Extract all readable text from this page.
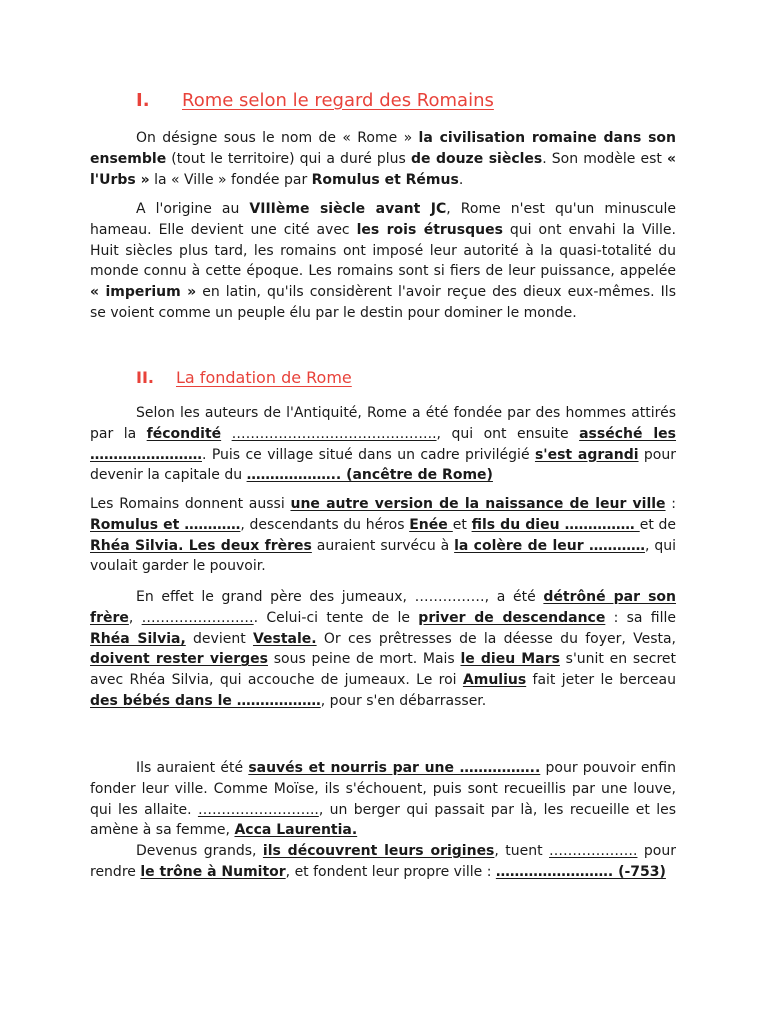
I. Rome selon le regard des Romains

On désigne sous le nom de « Rome » la civilisation romaine dans son ensemble (tout le territoire) qui a duré plus de douze siècles. Son modèle est « l'Urbs » la « Ville » fondée par Romulus et Rémus.

A l'origine au VIIIème siècle avant JC, Rome n'est qu'un minuscule hameau. Elle devient une cité avec les rois étrusques qui ont envahi la Ville. Huit siècles plus tard, les romains ont imposé leur autorité à la quasi-totalité du monde connu à cette époque. Les romains sont si fiers de leur puissance, appelée « imperium » en latin, qu'ils considèrent l'avoir reçue des dieux eux-mêmes. Ils se voient comme un peuple élu par le destin pour dominer le monde.

II. La fondation de Rome

Selon les auteurs de l'Antiquité, Rome a été fondée par des hommes attirés par la fécondité …………………………………….., qui ont ensuite asséché les ……………………. Puis ce village situé dans un cadre privilégié s'est agrandi pour devenir la capitale du ……………….. (ancêtre de Rome)

Les Romains donnent aussi une autre version de la naissance de leur ville : Romulus et …………, descendants du héros Enée et fils du dieu …………… et de Rhéa Silvia. Les deux frères auraient survécu à la colère de leur …………, qui voulait garder le pouvoir.

En effet le grand père des jumeaux, ……………, a été détrôné par son frère, ……………………. Celui-ci tente de le priver de descendance : sa fille Rhéa Silvia, devient Vestale. Or ces prêtresses de la déesse du foyer, Vesta, doivent rester vierges sous peine de mort. Mais le dieu Mars s'unit en secret avec Rhéa Silvia, qui accouche de jumeaux. Le roi Amulius fait jeter le berceau des bébés dans le ………………, pour s'en débarrasser.

Ils auraient été sauvés et nourris par une …………….. pour pouvoir enfin fonder leur ville. Comme Moïse, ils s'échouent, puis sont recueillis par une louve, qui les allaite. …………………….., un berger qui passait par là, les recueille et les amène à sa femme, Acca Laurentia.

Devenus grands, ils découvrent leurs origines, tuent ………………. pour rendre le trône à Numitor, et fondent leur propre ville : ……………………. (-753)
